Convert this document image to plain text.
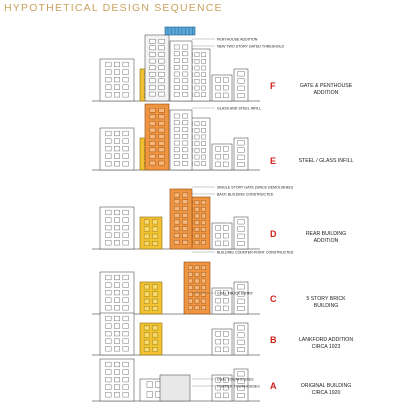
HYPOTHETICAL DESIGN SEQUENCE
PENTHOUSE ADDITION
NEW TWO STORY GATED THRESHOLD
F	GATE & PENTHOUSE
ADDITION
GLASS AND STEEL INFILL
E	STEEL / GLASS INFILL
SINGLE STORY GATE (SINCE DEMOLISHED)
BACK BUILDING CONSTRUCTED
D	REAR BUILDING
ADDITION
BUILDING COUNTER-POINT CONSTRUCTED
C	5 STORY BRICK
BUILDING
COAL TRUCK ENTRY
B	LANKFORD ADDITION
CIRCA 1923
DUAL TOWNHOUSES
FORMER TOWNHOUSES A	ORIGINAL BUILDING
CIRCA 1920
